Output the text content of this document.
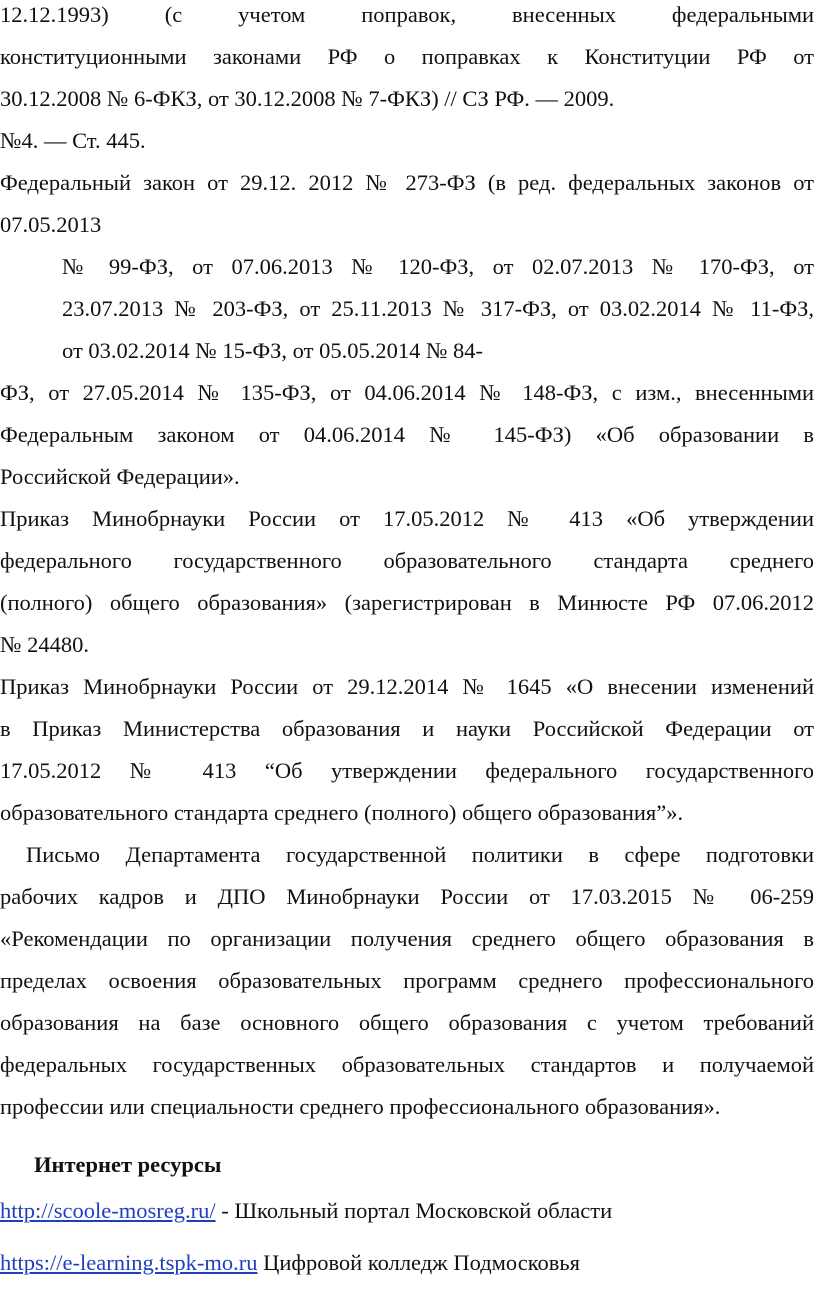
12.12.1993) (с учетом поправок, внесенных федеральными
конституционными законами РФ о поправках к Конституции РФ от
30.12.2008 № 6-ФКЗ, от 30.12.2008 № 7-ФКЗ) // СЗ РФ. — 2009.
№4. — Ст. 445.
Федеральный закон от 29.12. 2012 № 273-ФЗ (в ред. федеральных законов от
07.05.2013
№ 99-ФЗ, от 07.06.2013 № 120-ФЗ, от 02.07.2013 № 170-ФЗ, от
23.07.2013 № 203-ФЗ, от 25.11.2013 № 317-ФЗ, от 03.02.2014 № 11-ФЗ,
от 03.02.2014 № 15-ФЗ, от 05.05.2014 № 84-
ФЗ, от 27.05.2014 № 135-ФЗ, от 04.06.2014 № 148-ФЗ, с изм., внесенными
Федеральным законом от 04.06.2014 № 145-ФЗ) «Об образовании в
Российской Федерации».
Приказ Минобрнауки России от 17.05.2012 № 413 «Об утверждении
федерального государственного образовательного стандарта среднего
(полного) общего образования» (зарегистрирован в Минюсте РФ 07.06.2012
№ 24480.
Приказ Минобрнауки России от 29.12.2014 № 1645 «О внесении изменений
в Приказ Министерства образования и науки Российской Федерации от
17.05.2012 № 413 “Об утверждении федерального государственного
образовательного стандарта среднего (полного) общего образования”».
Письмо Департамента государственной политики в сфере подготовки
рабочих кадров и ДПО Минобрнауки России от 17.03.2015 № 06-259
«Рекомендации по организации получения среднего общего образования в
пределах освоения образовательных программ среднего профессионального
образования на базе основного общего образования с учетом требований
федеральных государственных образовательных стандартов и получаемой
профессии или специальности среднего профессионального образования».
Интернет ресурсы
http://scoole-mosreg.ru/ - Школьный портал Московской области
https://e-learning.tspk-mo.ru Цифровой колледж Подмосковья
